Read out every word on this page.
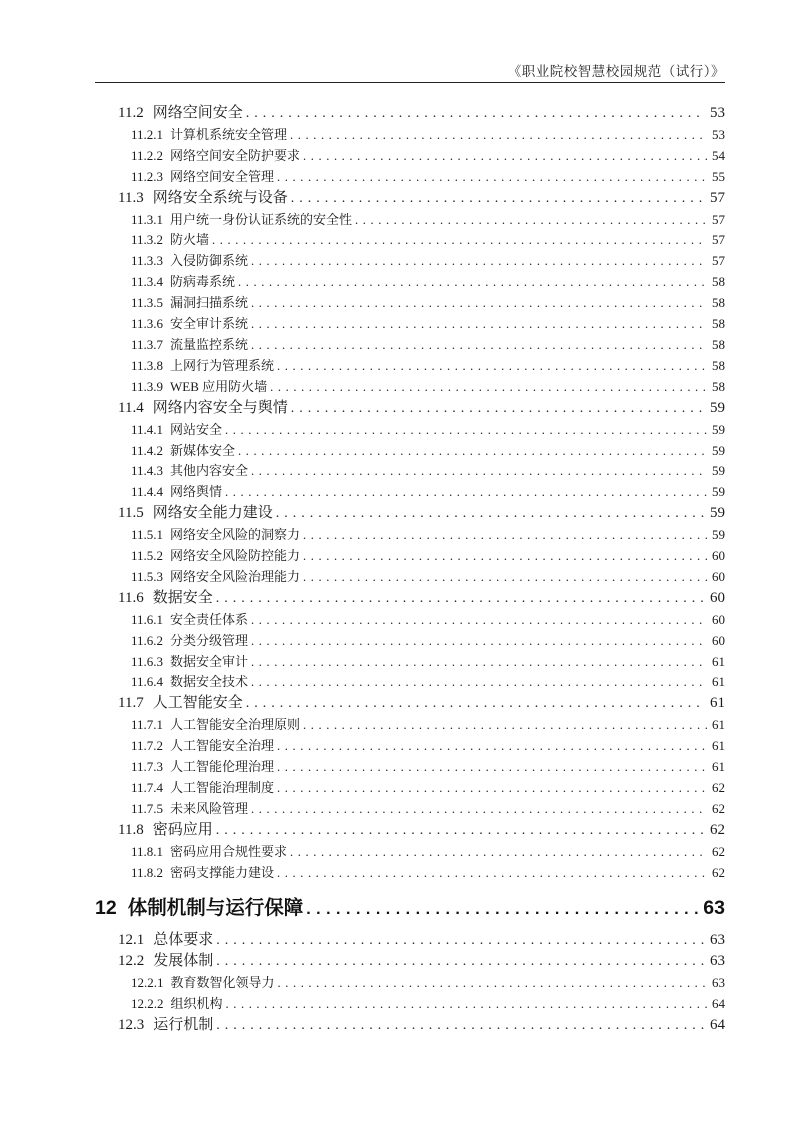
《职业院校智慧校园规范（试行）》
11.2 网络空间安全 .....	53
11.2.1 计算机系统安全管理 .....	53
11.2.2 网络空间安全防护要求 .....	54
11.2.3 网络空间安全管理 .....	55
11.3 网络安全系统与设备 .....	57
11.3.1 用户统一身份认证系统的安全性 .....	57
11.3.2 防火墙 .....	57
11.3.3 入侵防御系统 .....	57
11.3.4 防病毒系统 .....	58
11.3.5 漏洞扫描系统 .....	58
11.3.6 安全审计系统 .....	58
11.3.7 流量监控系统 .....	58
11.3.8 上网行为管理系统 .....	58
11.3.9 WEB 应用防火墙 .....	58
11.4 网络内容安全与舆情 .....	59
11.4.1 网站安全 .....	59
11.4.2 新媒体安全 .....	59
11.4.3 其他内容安全 .....	59
11.4.4 网络舆情 .....	59
11.5 网络安全能力建设 .....	59
11.5.1 网络安全风险的洞察力 .....	59
11.5.2 网络安全风险防控能力 .....	60
11.5.3 网络安全风险治理能力 .....	60
11.6 数据安全 .....	60
11.6.1 安全责任体系 .....	60
11.6.2 分类分级管理 .....	60
11.6.3 数据安全审计 .....	61
11.6.4 数据安全技术 .....	61
11.7 人工智能安全 .....	61
11.7.1 人工智能安全治理原则 .....	61
11.7.2 人工智能安全治理 .....	61
11.7.3 人工智能伦理治理 .....	61
11.7.4 人工智能治理制度 .....	62
11.7.5 未来风险管理 .....	62
11.8 密码应用 .....	62
11.8.1 密码应用合规性要求 .....	62
11.8.2 密码支撑能力建设 .....	62
12 体制机制与运行保障 .....	63
12.1 总体要求 .....	63
12.2 发展体制 .....	63
12.2.1 教育数智化领导力 .....	63
12.2.2 组织机构 .....	64
12.3 运行机制 .....	64
